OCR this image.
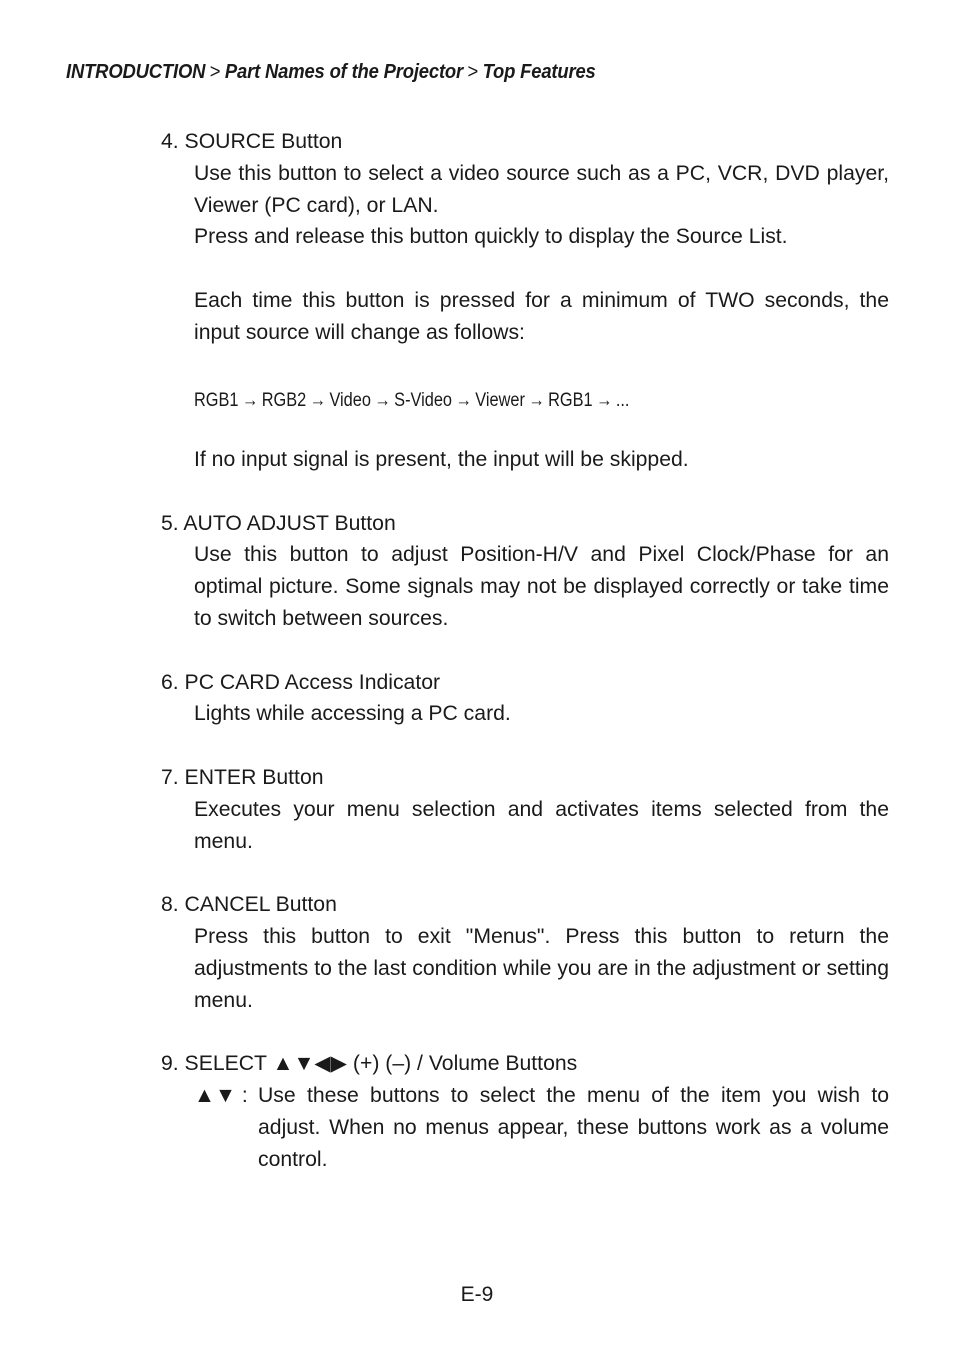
INTRODUCTION > Part Names of the Projector > Top Features

4. SOURCE Button

Use this button to select a video source such as a PC, VCR, DVD player, Viewer (PC card), or LAN.

Press and release this button quickly to display the Source List.

Each time this button is pressed for a minimum of TWO seconds, the input source will change as follows:

RGB1 → RGB2 → Video → S-Video → Viewer → RGB1 → ...

If no input signal is present, the input will be skipped.

5. AUTO ADJUST Button

Use this button to adjust Position-H/V and Pixel Clock/Phase for an optimal picture. Some signals may not be displayed correctly or take time to switch between sources.

6. PC CARD Access Indicator

Lights while accessing a PC card.

7. ENTER Button

Executes your menu selection and activates items selected from the menu.

8. CANCEL Button

Press this button to exit "Menus". Press this button to return the adjustments to the last condition while you are in the adjustment or setting menu.

9. SELECT ▲▼◀▶ (+) (–) / Volume Buttons

▲▼ : Use these buttons to select the menu of the item you wish to adjust. When no menus appear, these buttons work as a volume control.
E-9
